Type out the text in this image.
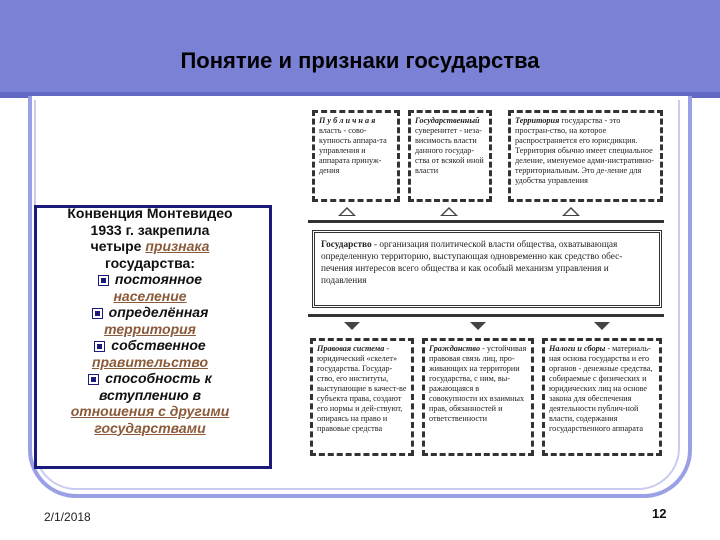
Понятие и признаки государства
П у б л и ч н а я власть - сово-купность аппара-та управления и аппарата принуж-дения
Государственный суверенитет - неза-висимость власти данного государ-ства от всякой иной власти
Территория государства - это простран-ство, на которое распространяется его юрисдикция. Территория обычно имеет специальное деление, именуемое адми-нистративно-территориальным. Это де-ление для удобства управления
Государство - организация политической власти общества, охватывающая определенную территорию, выступающая одновременно как средство обес-печения интересов всего общества и как особый механизм управления и подавления
Правовая система - юридический «скелет» государства. Государ-ство, его институты, выступающие в качест-ве субъекта права, создают его нормы и дей-ствуют, опираясь на право и правовые средства
Гражданство - устойчивая правовая связь лиц, про-живающих на территории государства, с ним, вы-ражающаяся в совокупности их взаимных прав, обязанностей и ответственности
Налоги и сборы - материаль-ная основа государства и его органов - денежные средства, собираемые с физических и юридических лиц на основе закона для обеспечения деятельности публич-ной власти, содержания государственного аппарата
Конвенция Монтевидео
1933 г. закрепила
четыре признака
государства:
постоянное
население
определённая
территория
собственное
правительство
способность к вступлению в
отношения с другими государствами
2/1/2018	12
